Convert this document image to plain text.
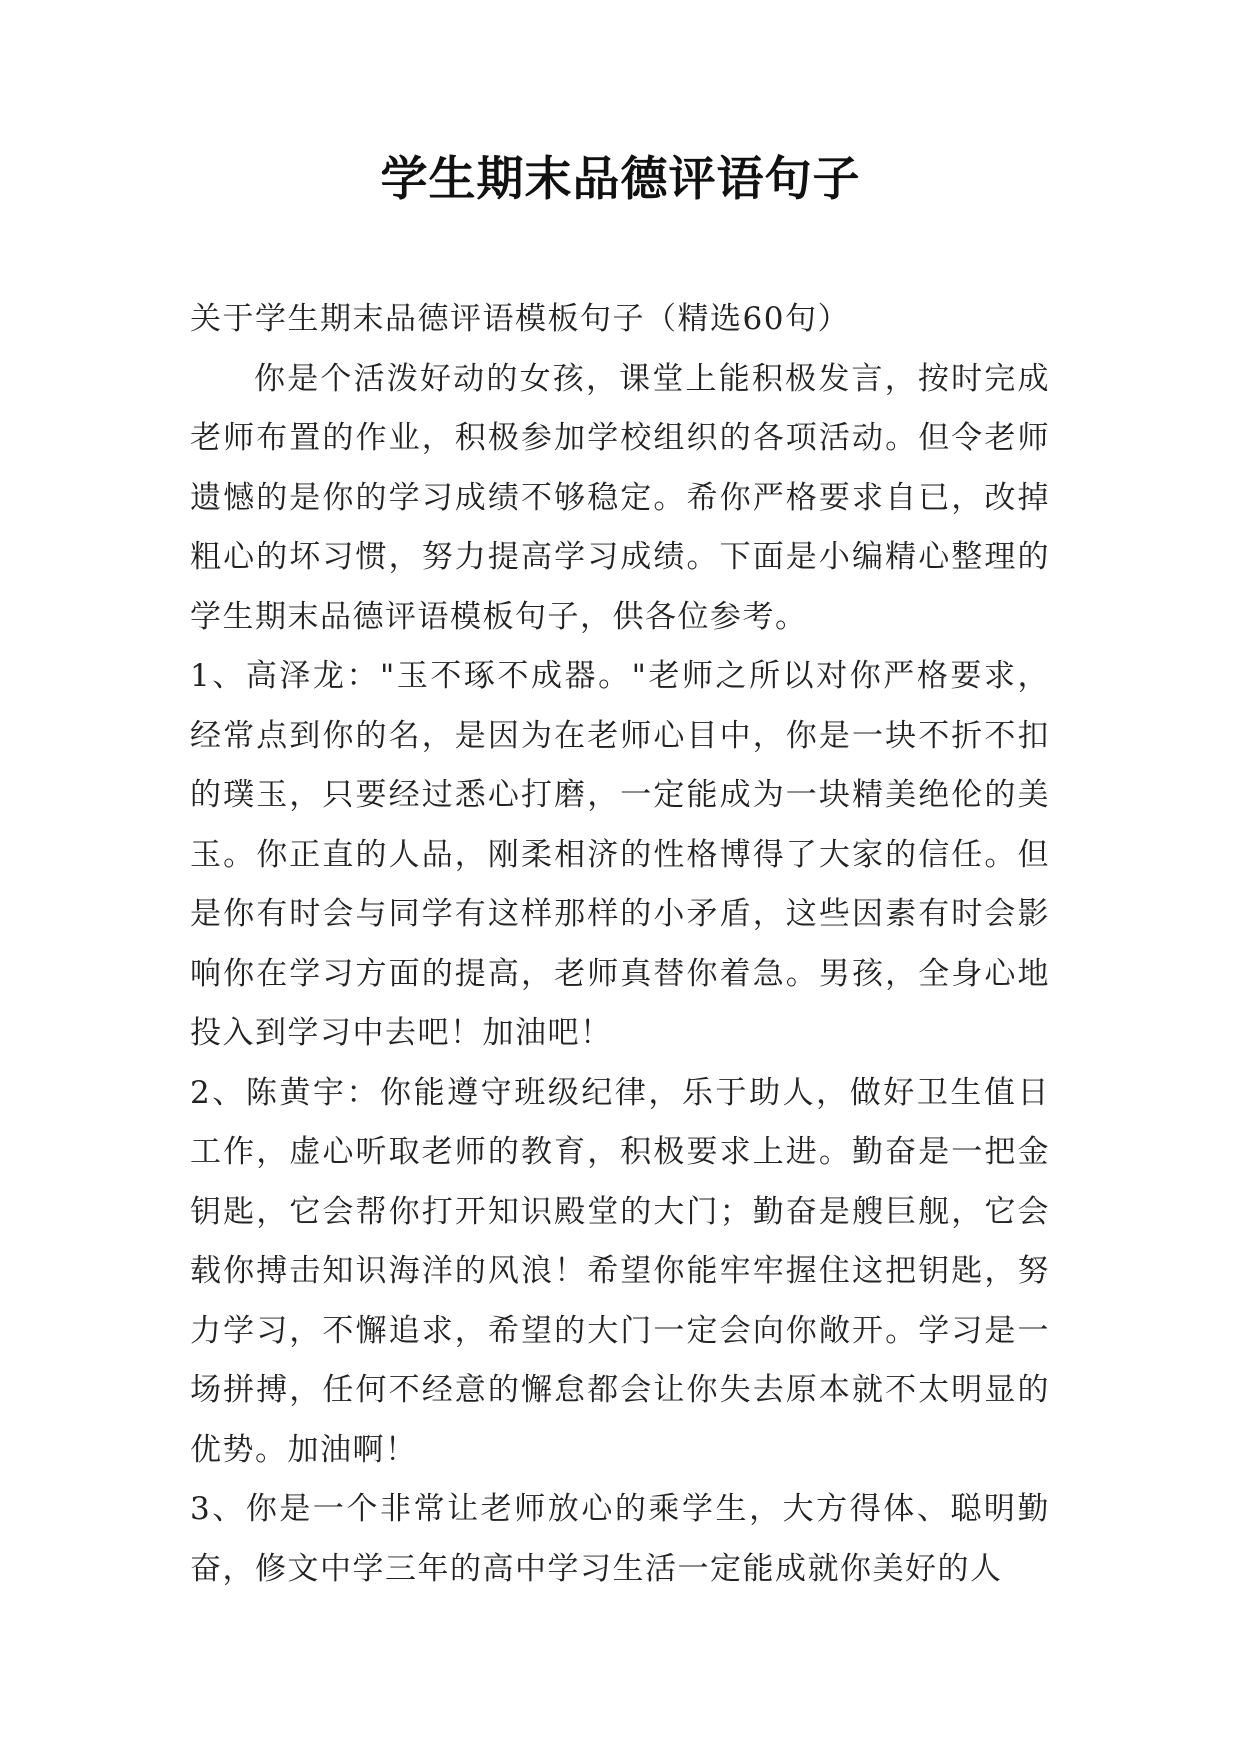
学生期末品德评语句子

关于学生期末品德评语模板句子（精选60句）

你是个活泼好动的女孩，课堂上能积极发言，按时完成老师布置的作业，积极参加学校组织的各项活动。但令老师遗憾的是你的学习成绩不够稳定。希你严格要求自已，改掉粗心的坏习惯，努力提高学习成绩。下面是小编精心整理的学生期末品德评语模板句子，供各位参考。

1、高泽龙："玉不琢不成器。"老师之所以对你严格要求，经常点到你的名，是因为在老师心目中，你是一块不折不扣的璞玉，只要经过悉心打磨，一定能成为一块精美绝伦的美玉。你正直的人品，刚柔相济的性格博得了大家的信任。但是你有时会与同学有这样那样的小矛盾，这些因素有时会影响你在学习方面的提高，老师真替你着急。男孩，全身心地投入到学习中去吧！加油吧！

2、陈黄宇：你能遵守班级纪律，乐于助人，做好卫生值日工作，虚心听取老师的教育，积极要求上进。勤奋是一把金钥匙，它会帮你打开知识殿堂的大门；勤奋是艘巨舰，它会载你搏击知识海洋的风浪！希望你能牢牢握住这把钥匙，努力学习，不懈追求，希望的大门一定会向你敞开。学习是一场拼搏，任何不经意的懈怠都会让你失去原本就不太明显的优势。加油啊！

3、你是一个非常让老师放心的乘学生，大方得体、聪明勤奋，修文中学三年的高中学习生活一定能成就你美好的人
